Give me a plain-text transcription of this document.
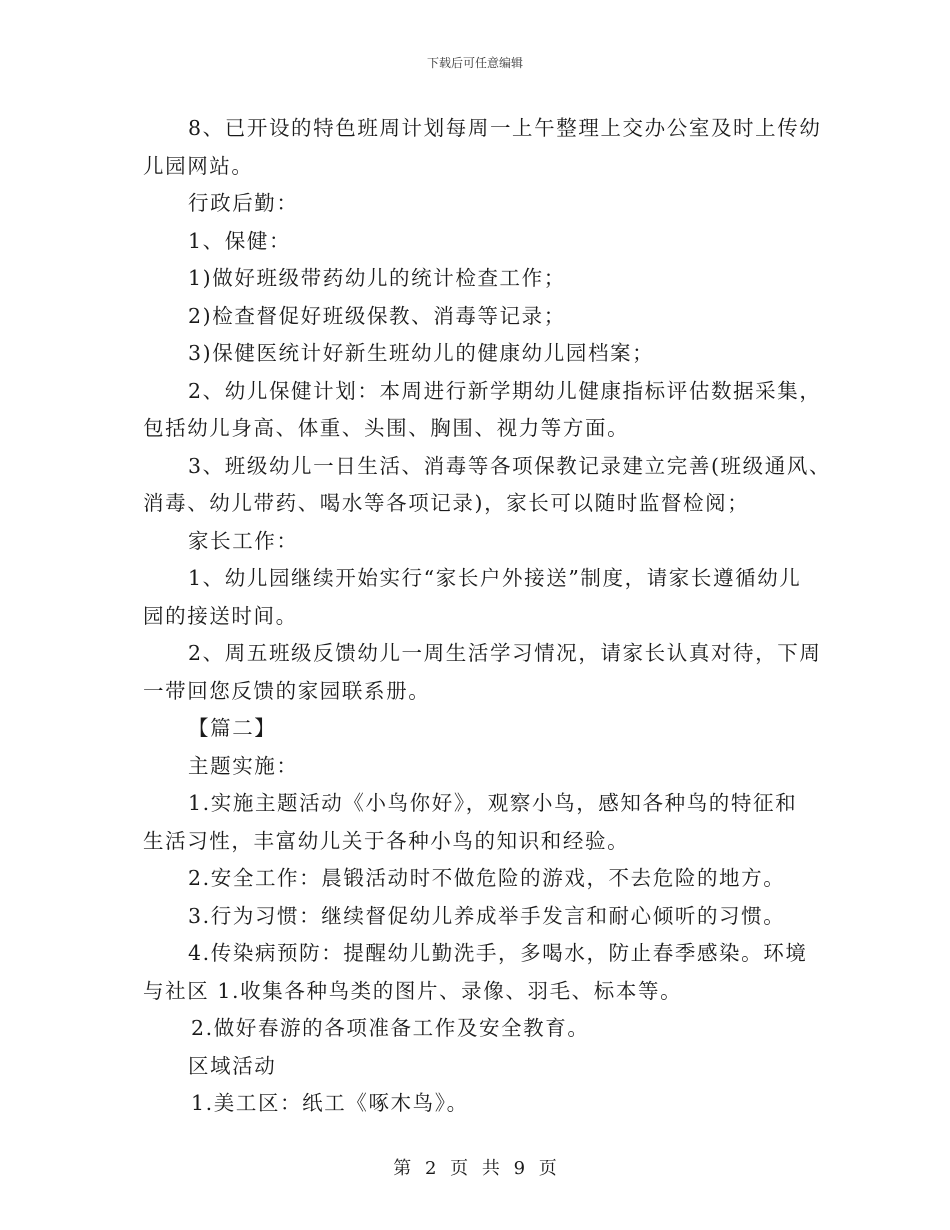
下载后可任意编辑

8、已开设的特色班周计划每周一上午整理上交办公室及时上传幼

儿园网站。

行政后勤：

1、保健：

1)做好班级带药幼儿的统计检查工作；

2)检查督促好班级保教、消毒等记录；

3)保健医统计好新生班幼儿的健康幼儿园档案；

2、幼儿保健计划：本周进行新学期幼儿健康指标评估数据采集，

包括幼儿身高、体重、头围、胸围、视力等方面。

3、班级幼儿一日生活、消毒等各项保教记录建立完善(班级通风、

消毒、幼儿带药、喝水等各项记录)，家长可以随时监督检阅；

家长工作：

1、幼儿园继续开始实行“家长户外接送”制度，请家长遵循幼儿

园的接送时间。

2、周五班级反馈幼儿一周生活学习情况，请家长认真对待，下周

一带回您反馈的家园联系册。

【篇二】

主题实施：

1.实施主题活动《小鸟你好》，观察小鸟，感知各种鸟的特征和

生活习性，丰富幼儿关于各种小鸟的知识和经验。

2.安全工作：晨锻活动时不做危险的游戏，不去危险的地方。

3.行为习惯：继续督促幼儿养成举手发言和耐心倾听的习惯。

4.传染病预防：提醒幼儿勤洗手，多喝水，防止春季感染。环境

与社区 1.收集各种鸟类的图片、录像、羽毛、标本等。

2.做好春游的各项准备工作及安全教育。

区域活动

1.美工区：纸工《啄木鸟》。

第 2 页 共 9 页
